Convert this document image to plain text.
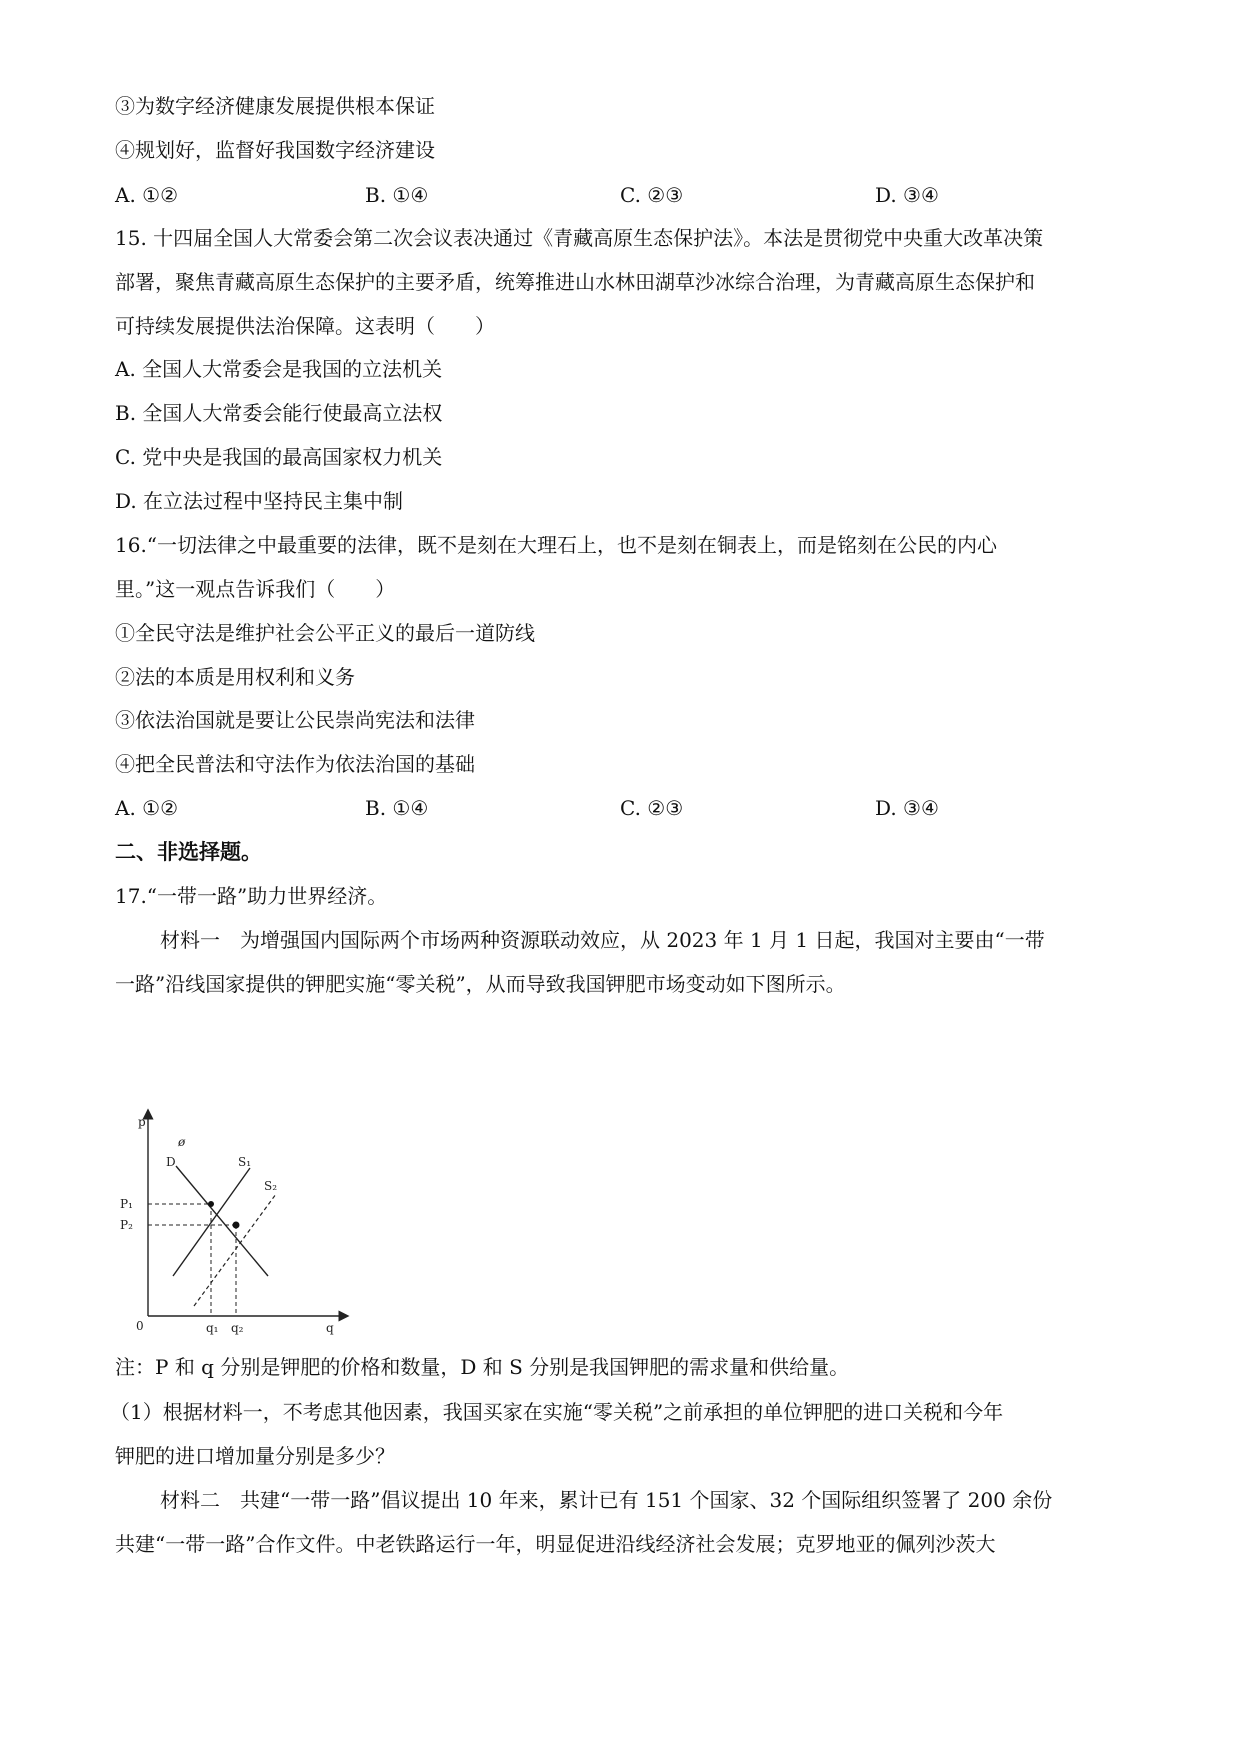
③为数字经济健康发展提供根本保证
④规划好，监督好我国数字经济建设
A. ①②	B. ①④	C. ②③	D. ③④
15. 十四届全国人大常委会第二次会议表决通过《青藏高原生态保护法》。本法是贯彻党中央重大改革决策
部署，聚焦青藏高原生态保护的主要矛盾，统筹推进山水林田湖草沙冰综合治理，为青藏高原生态保护和
可持续发展提供法治保障。这表明（　　）
A. 全国人大常委会是我国的立法机关
B. 全国人大常委会能行使最高立法权
C. 党中央是我国的最高国家权力机关
D. 在立法过程中坚持民主集中制
16.“一切法律之中最重要的法律，既不是刻在大理石上，也不是刻在铜表上，而是铭刻在公民的内心
里。”这一观点告诉我们（　　）
①全民守法是维护社会公平正义的最后一道防线
②法的本质是用权利和义务
③依法治国就是要让公民崇尚宪法和法律
④把全民普法和守法作为依法治国的基础
A. ①②	B. ①④	C. ②③	D. ③④
二、非选择题。
17.“一带一路”助力世界经济。
材料一　为增强国内国际两个市场两种资源联动效应，从 2023 年 1 月 1 日起，我国对主要由“一带
一路”沿线国家提供的钾肥实施“零关税”，从而导致我国钾肥市场变动如下图所示。
p
q
0
D
ø
S₁
S₂
P₁
P₂
q₁ q₂
注：P 和 q 分别是钾肥的价格和数量，D 和 S 分别是我国钾肥的需求量和供给量。
（1）根据材料一，不考虑其他因素，我国买家在实施“零关税”之前承担的单位钾肥的进口关税和今年
钾肥的进口增加量分别是多少？
材料二　共建“一带一路”倡议提出 10 年来，累计已有 151 个国家、32 个国际组织签署了 200 余份
共建“一带一路”合作文件。中老铁路运行一年，明显促进沿线经济社会发展；克罗地亚的佩列沙茨大
